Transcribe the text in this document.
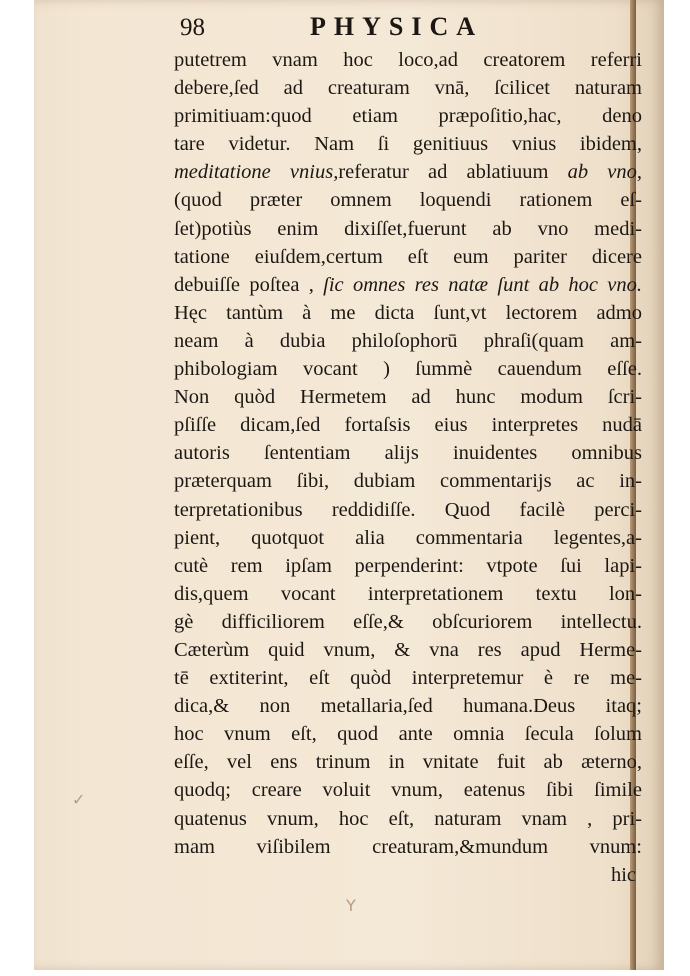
98	PHYSICA
putetrem vnam hoc loco,ad creatorem referri
debere,ſed ad creaturam vnā, ſcilicet naturam
primitiuam:quod etiam præpoſitio,hac, deno
tare videtur. Nam ſi genitiuus vnius ibidem,
meditatione vnius,referatur ad ablatiuum ab vno,
(quod præter omnem loquendi rationem eſ-
ſet)potiùs enim dixiſſet,fuerunt ab vno medi-
tatione eiuſdem,certum eſt eum pariter dicere
debuiſſe poſtea , ſic omnes res natæ ſunt ab hoc vno.
Hęc tantùm à me dicta ſunt,vt lectorem admo
neam à dubia philoſophorū phraſi(quam am-
phibologiam vocant ) ſummè cauendum eſſe.
Non quòd Hermetem ad hunc modum ſcri-
pſiſſe dicam,ſed fortaſsis eius interpretes nudā
autoris ſententiam alijs inuidentes omnibus
præterquam ſibi, dubiam commentarijs ac in-
terpretationibus reddidiſſe. Quod facilè perci-
pient, quotquot alia commentaria legentes,a-
cutè rem ipſam perpenderint: vtpote ſui lapi-
dis,quem vocant interpretationem textu lon-
gè difficiliorem eſſe,& obſcuriorem intellectu.
Cæterùm quid vnum, & vna res apud Herme-
tē extiterint, eſt quòd interpretemur è re me-
dica,& non metallaria,ſed humana.Deus itaq;
hoc vnum eſt, quod ante omnia ſecula ſolum
eſſe, vel ens trinum in vnitate fuit ab æterno,
quodq; creare voluit vnum, eatenus ſibi ſimile
quatenus vnum, hoc eſt, naturam vnam , pri-
mam viſibilem creaturam,&mundum vnum:
hic
✓
Y
